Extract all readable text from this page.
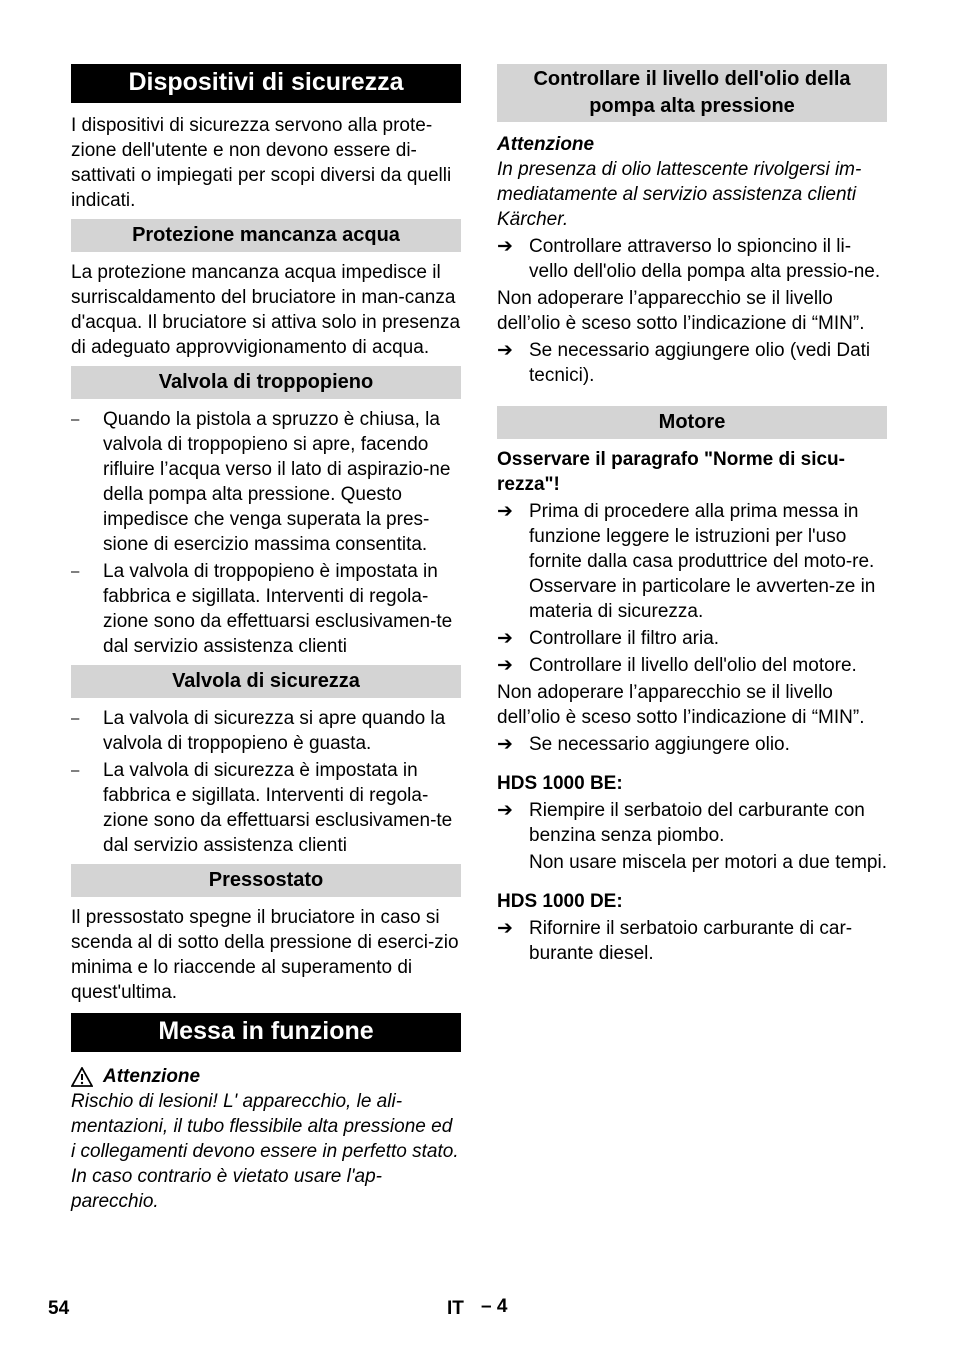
Dispositivi di sicurezza
I dispositivi di sicurezza servono alla prote-zione dell'utente e non devono essere di-sattivati o impiegati per scopi diversi da quelli indicati.
Protezione mancanza acqua
La protezione mancanza acqua impedisce il surriscaldamento del bruciatore in man-canza d'acqua. Il bruciatore si attiva solo in presenza di adeguato approvvigionamento di acqua.
Valvola di troppopieno
–	Quando la pistola a spruzzo è chiusa, la valvola di troppopieno si apre, facendo rifluire l’acqua verso il lato di aspirazio-ne della pompa alta pressione. Questo impedisce che venga superata la pres-sione di esercizio massima consentita.
–	La valvola di troppopieno è impostata in fabbrica e sigillata. Interventi di regola-zione sono da effettuarsi esclusivamen-te dal servizio assistenza clienti
Valvola di sicurezza
–	La valvola di sicurezza si apre quando la valvola di troppopieno è guasta.
–	La valvola di sicurezza è impostata in fabbrica e sigillata. Interventi di regola-zione sono da effettuarsi esclusivamen-te dal servizio assistenza clienti
Pressostato
Il pressostato spegne il bruciatore in caso si scenda al di sotto della pressione di eserci-zio minima e lo riaccende al superamento di quest'ultima.
Messa in funzione
Attenzione
Rischio di lesioni! L' apparecchio, le ali-mentazioni, il tubo flessibile alta pressione ed i collegamenti devono essere in perfetto stato. In caso contrario è vietato usare l'ap-parecchio.
Controllare il livello dell'olio della pompa alta pressione
Attenzione
In presenza di olio lattescente rivolgersi im-mediatamente al servizio assistenza clienti Kärcher.
➔ Controllare attraverso lo spioncino il li-vello dell'olio della pompa alta pressio-ne.
Non adoperare l’apparecchio se il livello dell’olio è sceso sotto l’indicazione di “MIN”.
➔ Se necessario aggiungere olio (vedi Dati tecnici).
Motore
Osservare il paragrafo "Norme di sicu-rezza"!
➔ Prima di procedere alla prima messa in funzione leggere le istruzioni per l'uso fornite dalla casa produttrice del moto-re. Osservare in particolare le avverten-ze in materia di sicurezza.
➔ Controllare il filtro aria.
➔ Controllare il livello dell'olio del motore.
Non adoperare l’apparecchio se il livello dell’olio è sceso sotto l’indicazione di “MIN”.
➔ Se necessario aggiungere olio.
HDS 1000 BE:
➔ Riempire il serbatoio del carburante con benzina senza piombo.
Non usare miscela per motori a due tempi.
HDS 1000 DE:
➔ Rifornire il serbatoio carburante di car-burante diesel.
54	IT – 4
